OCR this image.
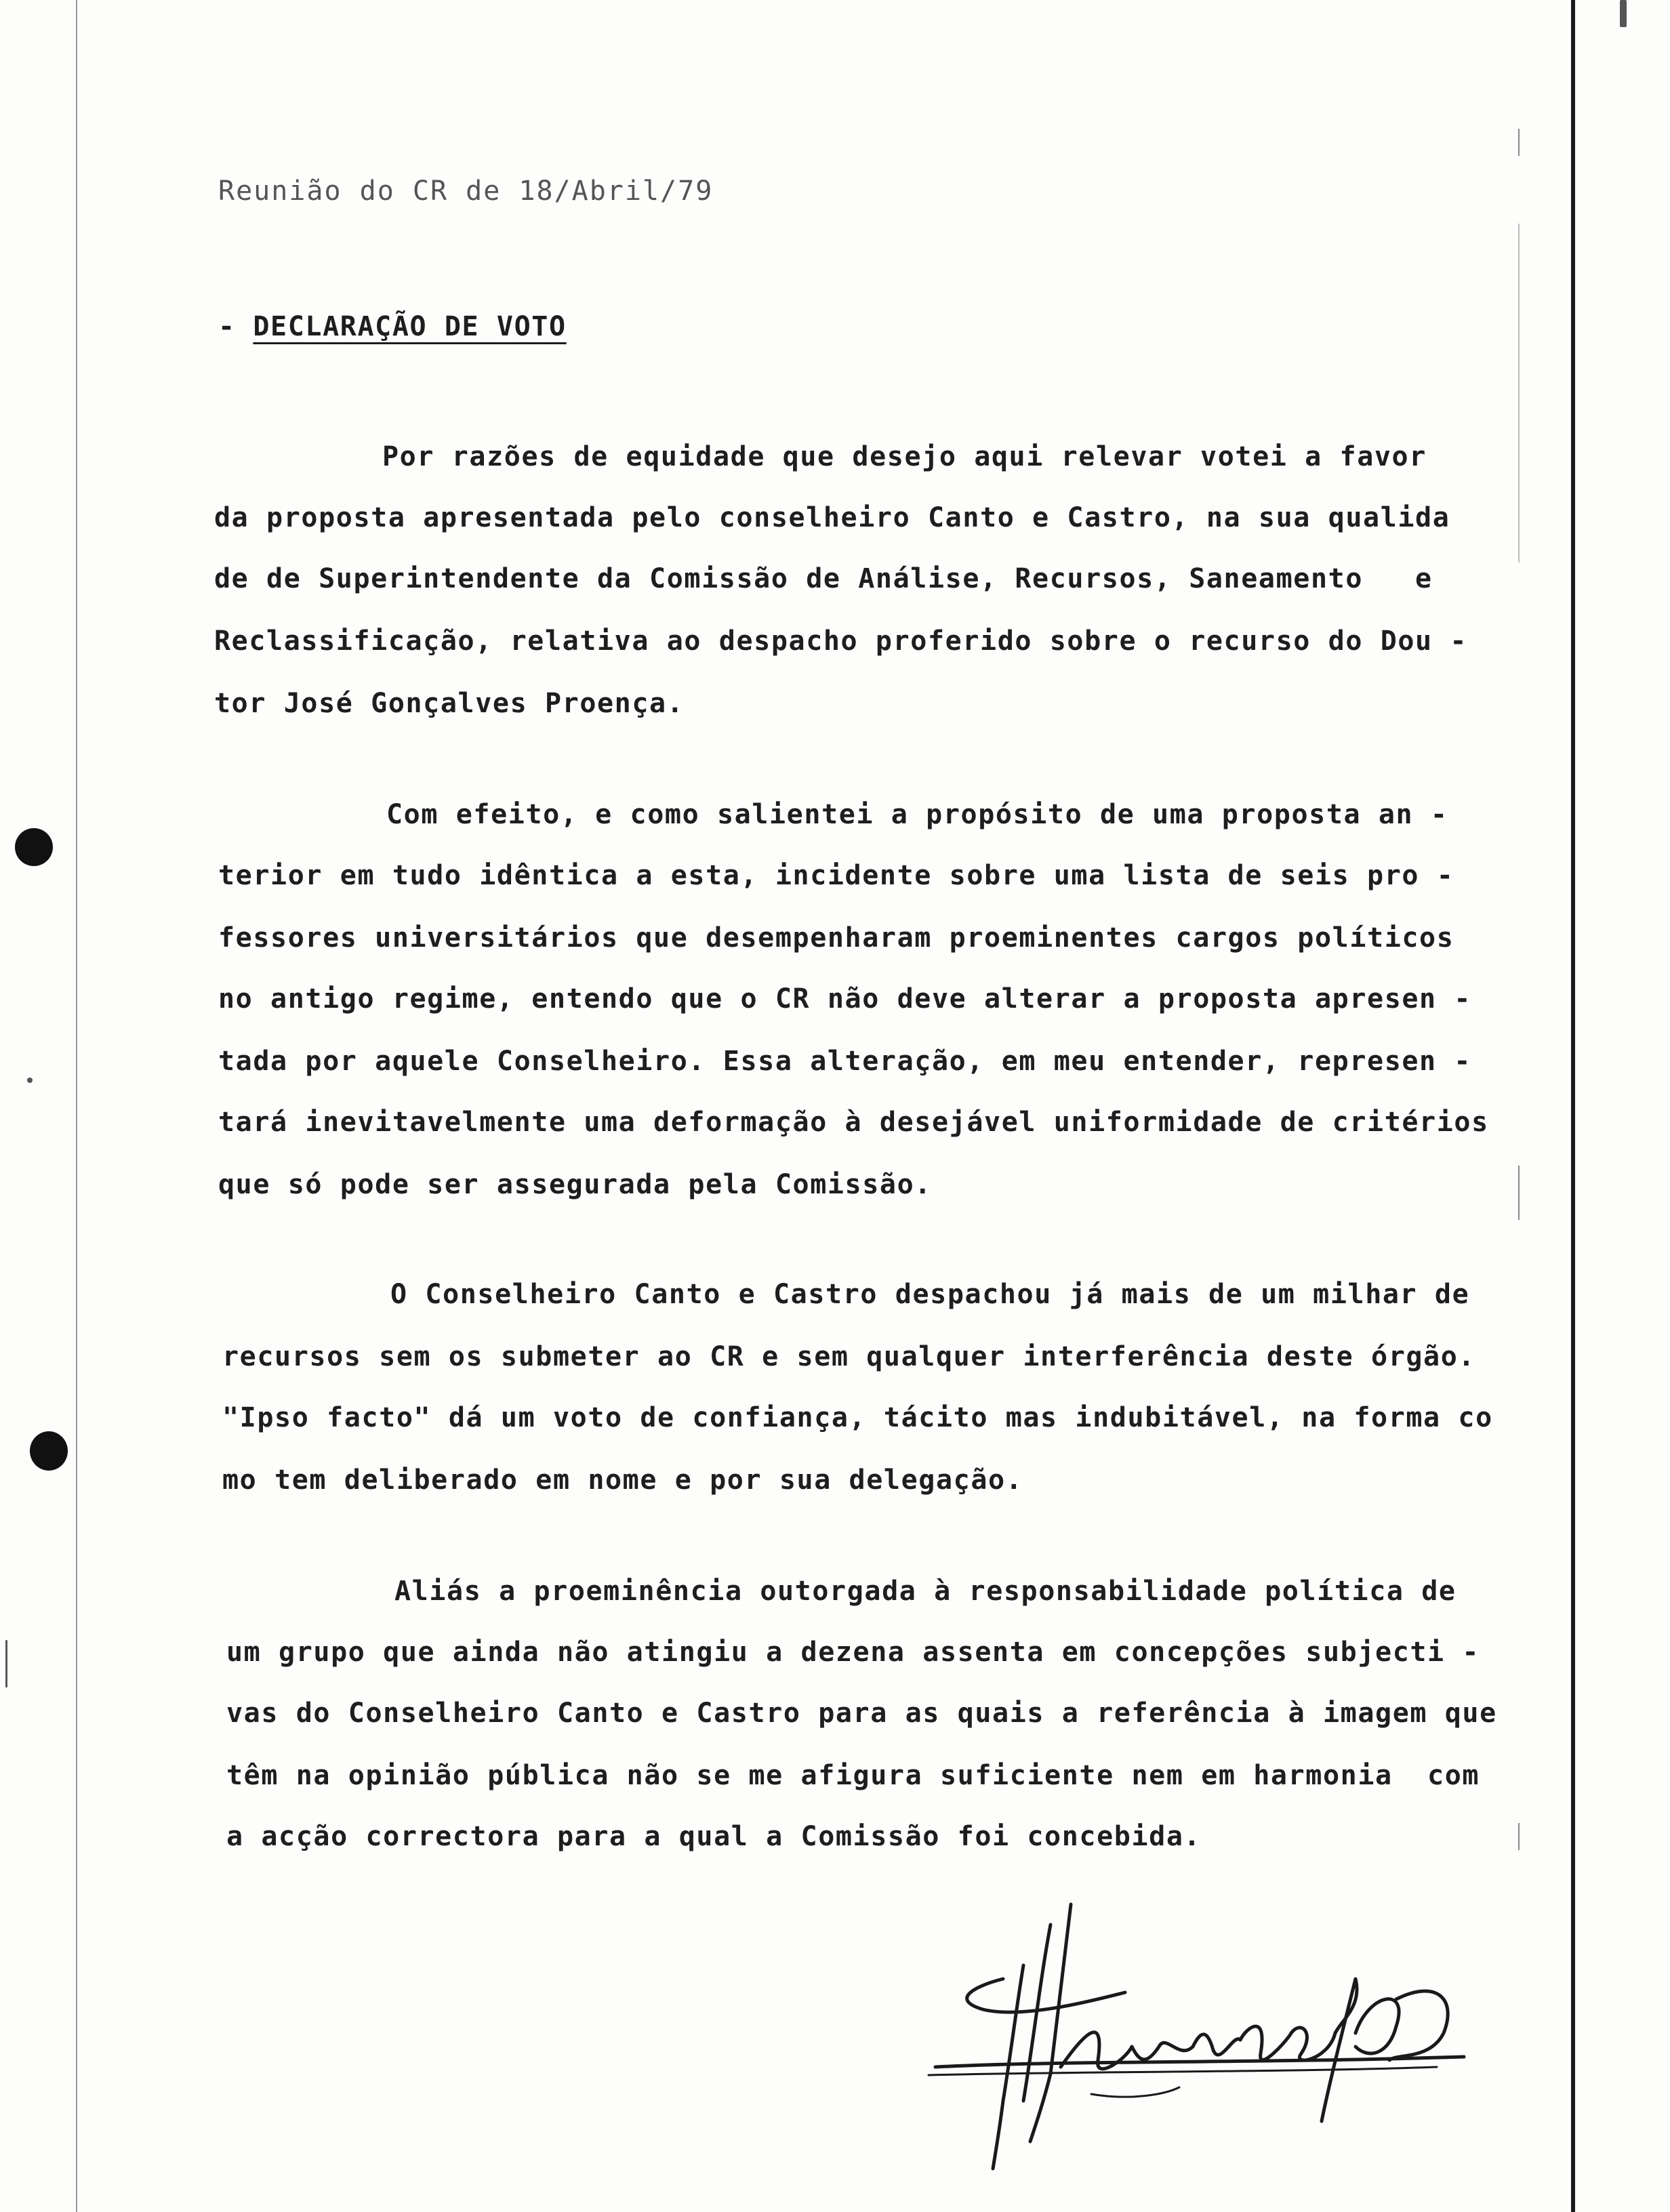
Reunião do CR de 18/Abril/79
- DECLARAÇÃO DE VOTO
Por razões de equidade que desejo aqui relevar votei a favor
da proposta apresentada pelo conselheiro Canto e Castro, na sua qualida
de de Superintendente da Comissão de Análise, Recursos, Saneamento   e
Reclassificação, relativa ao despacho proferido sobre o recurso do Dou -
tor José Gonçalves Proença.
Com efeito, e como salientei a propósito de uma proposta an -
terior em tudo idêntica a esta, incidente sobre uma lista de seis pro -
fessores universitários que desempenharam proeminentes cargos políticos
no antigo regime, entendo que o CR não deve alterar a proposta apresen -
tada por aquele Conselheiro. Essa alteração, em meu entender, represen -
tará inevitavelmente uma deformação à desejável uniformidade de critérios
que só pode ser assegurada pela Comissão.
O Conselheiro Canto e Castro despachou já mais de um milhar de
recursos sem os submeter ao CR e sem qualquer interferência deste órgão.
"Ipso facto" dá um voto de confiança, tácito mas indubitável, na forma co
mo tem deliberado em nome e por sua delegação.
Aliás a proeminência outorgada à responsabilidade política de
um grupo que ainda não atingiu a dezena assenta em concepções subjecti -
vas do Conselheiro Canto e Castro para as quais a referência à imagem que
têm na opinião pública não se me afigura suficiente nem em harmonia  com
a acção correctora para a qual a Comissão foi concebida.
